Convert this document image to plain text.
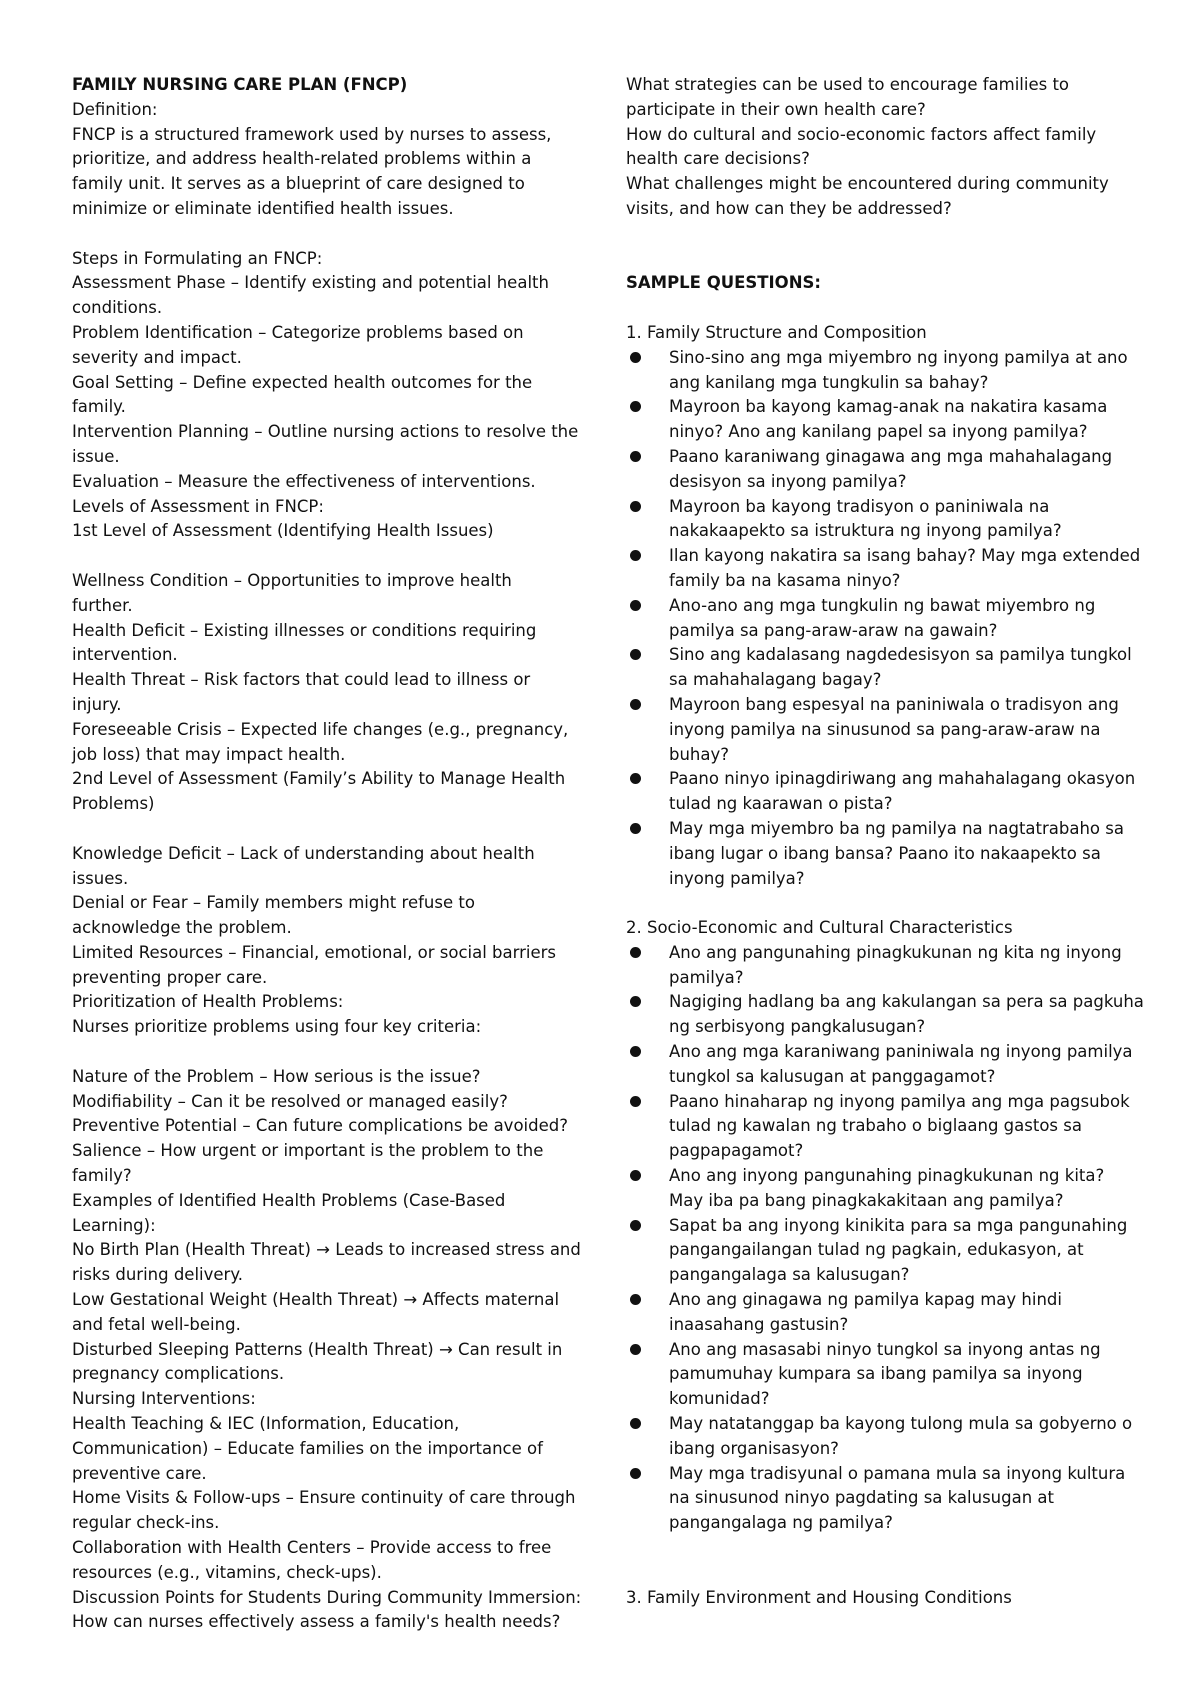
FAMILY NURSING CARE PLAN (FNCP)
Definition:
FNCP is a structured framework used by nurses to assess,
prioritize, and address health-related problems within a
family unit. It serves as a blueprint of care designed to
minimize or eliminate identified health issues.
Steps in Formulating an FNCP:
Assessment Phase – Identify existing and potential health
conditions.
Problem Identification – Categorize problems based on
severity and impact.
Goal Setting – Define expected health outcomes for the
family.
Intervention Planning – Outline nursing actions to resolve the
issue.
Evaluation – Measure the effectiveness of interventions.
Levels of Assessment in FNCP:
1st Level of Assessment (Identifying Health Issues)
Wellness Condition – Opportunities to improve health
further.
Health Deficit – Existing illnesses or conditions requiring
intervention.
Health Threat – Risk factors that could lead to illness or
injury.
Foreseeable Crisis – Expected life changes (e.g., pregnancy,
job loss) that may impact health.
2nd Level of Assessment (Family’s Ability to Manage Health
Problems)
Knowledge Deficit – Lack of understanding about health
issues.
Denial or Fear – Family members might refuse to
acknowledge the problem.
Limited Resources – Financial, emotional, or social barriers
preventing proper care.
Prioritization of Health Problems:
Nurses prioritize problems using four key criteria:
Nature of the Problem – How serious is the issue?
Modifiability – Can it be resolved or managed easily?
Preventive Potential – Can future complications be avoided?
Salience – How urgent or important is the problem to the
family?
Examples of Identified Health Problems (Case-Based
Learning):
No Birth Plan (Health Threat) → Leads to increased stress and
risks during delivery.
Low Gestational Weight (Health Threat) → Affects maternal
and fetal well-being.
Disturbed Sleeping Patterns (Health Threat) → Can result in
pregnancy complications.
Nursing Interventions:
Health Teaching & IEC (Information, Education,
Communication) – Educate families on the importance of
preventive care.
Home Visits & Follow-ups – Ensure continuity of care through
regular check-ins.
Collaboration with Health Centers – Provide access to free
resources (e.g., vitamins, check-ups).
Discussion Points for Students During Community Immersion:
How can nurses effectively assess a family's health needs?
What strategies can be used to encourage families to
participate in their own health care?
How do cultural and socio-economic factors affect family
health care decisions?
What challenges might be encountered during community
visits, and how can they be addressed?
SAMPLE QUESTIONS:
1. Family Structure and Composition
Sino-sino ang mga miyembro ng inyong pamilya at ano
ang kanilang mga tungkulin sa bahay?
Mayroon ba kayong kamag-anak na nakatira kasama
ninyo? Ano ang kanilang papel sa inyong pamilya?
Paano karaniwang ginagawa ang mga mahahalagang
desisyon sa inyong pamilya?
Mayroon ba kayong tradisyon o paniniwala na
nakakaapekto sa istruktura ng inyong pamilya?
Ilan kayong nakatira sa isang bahay? May mga extended
family ba na kasama ninyo?
Ano-ano ang mga tungkulin ng bawat miyembro ng
pamilya sa pang-araw-araw na gawain?
Sino ang kadalasang nagdedesisyon sa pamilya tungkol
sa mahahalagang bagay?
Mayroon bang espesyal na paniniwala o tradisyon ang
inyong pamilya na sinusunod sa pang-araw-araw na
buhay?
Paano ninyo ipinagdiriwang ang mahahalagang okasyon
tulad ng kaarawan o pista?
May mga miyembro ba ng pamilya na nagtatrabaho sa
ibang lugar o ibang bansa? Paano ito nakaapekto sa
inyong pamilya?
2. Socio-Economic and Cultural Characteristics
Ano ang pangunahing pinagkukunan ng kita ng inyong
pamilya?
Nagiging hadlang ba ang kakulangan sa pera sa pagkuha
ng serbisyong pangkalusugan?
Ano ang mga karaniwang paniniwala ng inyong pamilya
tungkol sa kalusugan at panggagamot?
Paano hinaharap ng inyong pamilya ang mga pagsubok
tulad ng kawalan ng trabaho o biglaang gastos sa
pagpapagamot?
Ano ang inyong pangunahing pinagkukunan ng kita?
May iba pa bang pinagkakakitaan ang pamilya?
Sapat ba ang inyong kinikita para sa mga pangunahing
pangangailangan tulad ng pagkain, edukasyon, at
pangangalaga sa kalusugan?
Ano ang ginagawa ng pamilya kapag may hindi
inaasahang gastusin?
Ano ang masasabi ninyo tungkol sa inyong antas ng
pamumuhay kumpara sa ibang pamilya sa inyong
komunidad?
May natatanggap ba kayong tulong mula sa gobyerno o
ibang organisasyon?
May mga tradisyunal o pamana mula sa inyong kultura
na sinusunod ninyo pagdating sa kalusugan at
pangangalaga ng pamilya?
3. Family Environment and Housing Conditions
